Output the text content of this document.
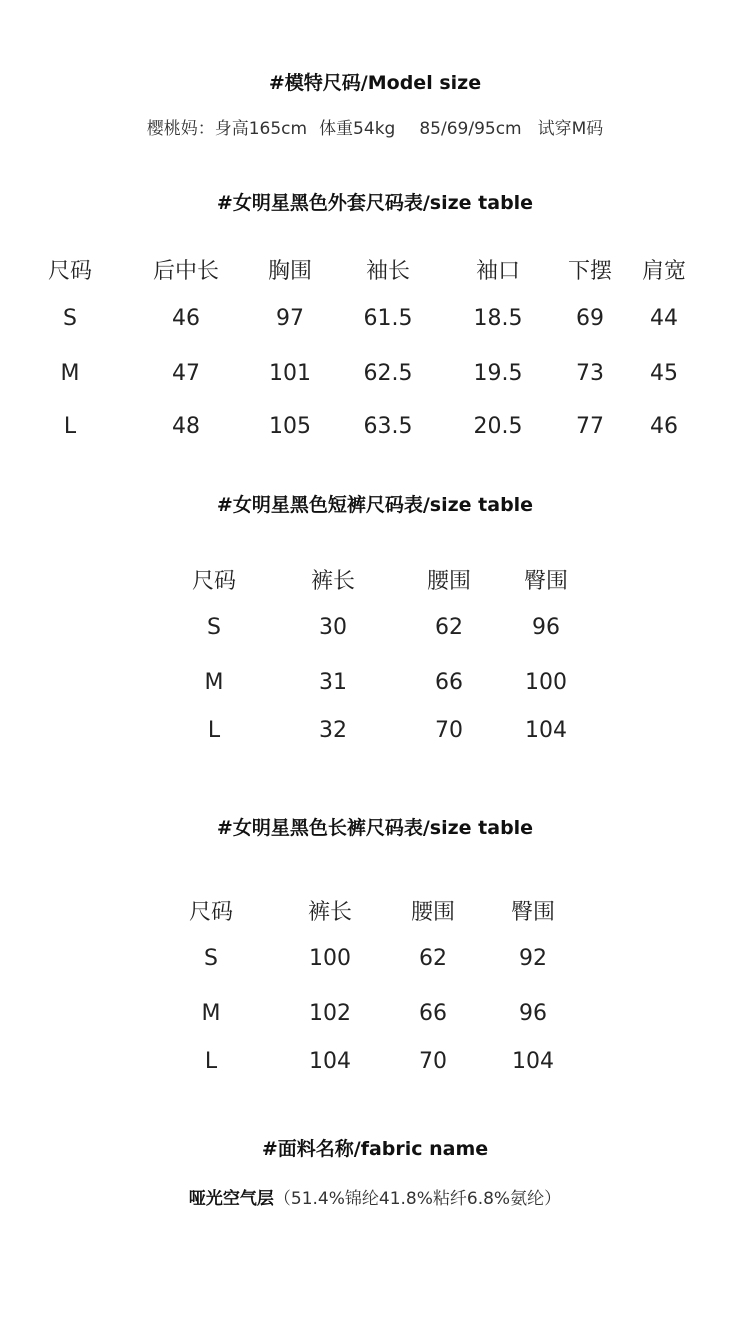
#模特尺码/Model size
樱桃妈：身高165cm 体重54kg 85/69/95cm 试穿M码
#女明星黑色外套尺码表/size table
#女明星黑色短裤尺码表/size table
#女明星黑色长裤尺码表/size table
#面料名称/fabric name
哑光空气层（51.4%锦纶41.8%粘纤6.8%氨纶）
尺码	后中长	胸围	袖长	袖口	下摆	肩宽
S	46	97	61.5	18.5	69	44
M	47	101	62.5	19.5	73	45
L	48	105	63.5	20.5	77	46
尺码	裤长	腰围	臀围
S	30	62	96
M	31	66	100
L	32	70	104
尺码	裤长	腰围	臀围
S	100	62	92
M	102	66	96
L	104	70	104
